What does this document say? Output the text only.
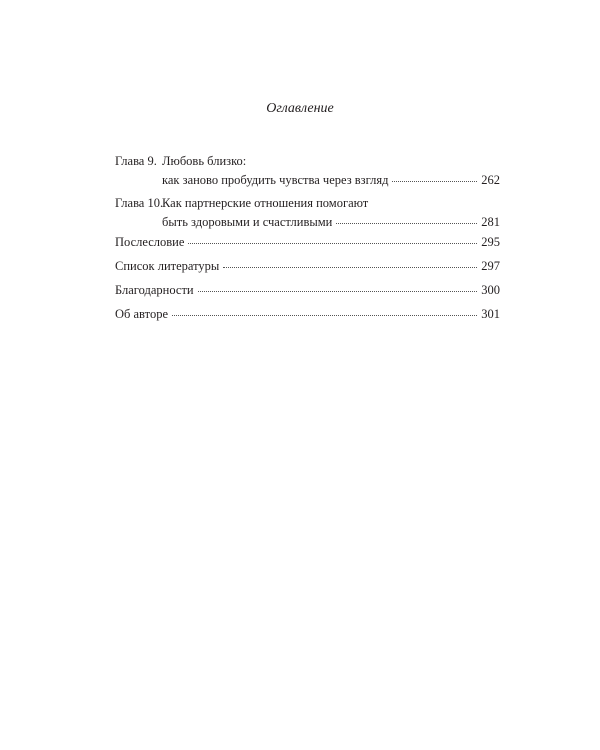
Оглавление
Глава 9. Любовь близко:
как заново пробудить чувства через взгляд	262
Глава 10.
Как партнерские отношения помогают
быть здоровыми и счастливыми	281
Послесловие	295
Список литературы	297
Благодарности	300
Об авторе	301
